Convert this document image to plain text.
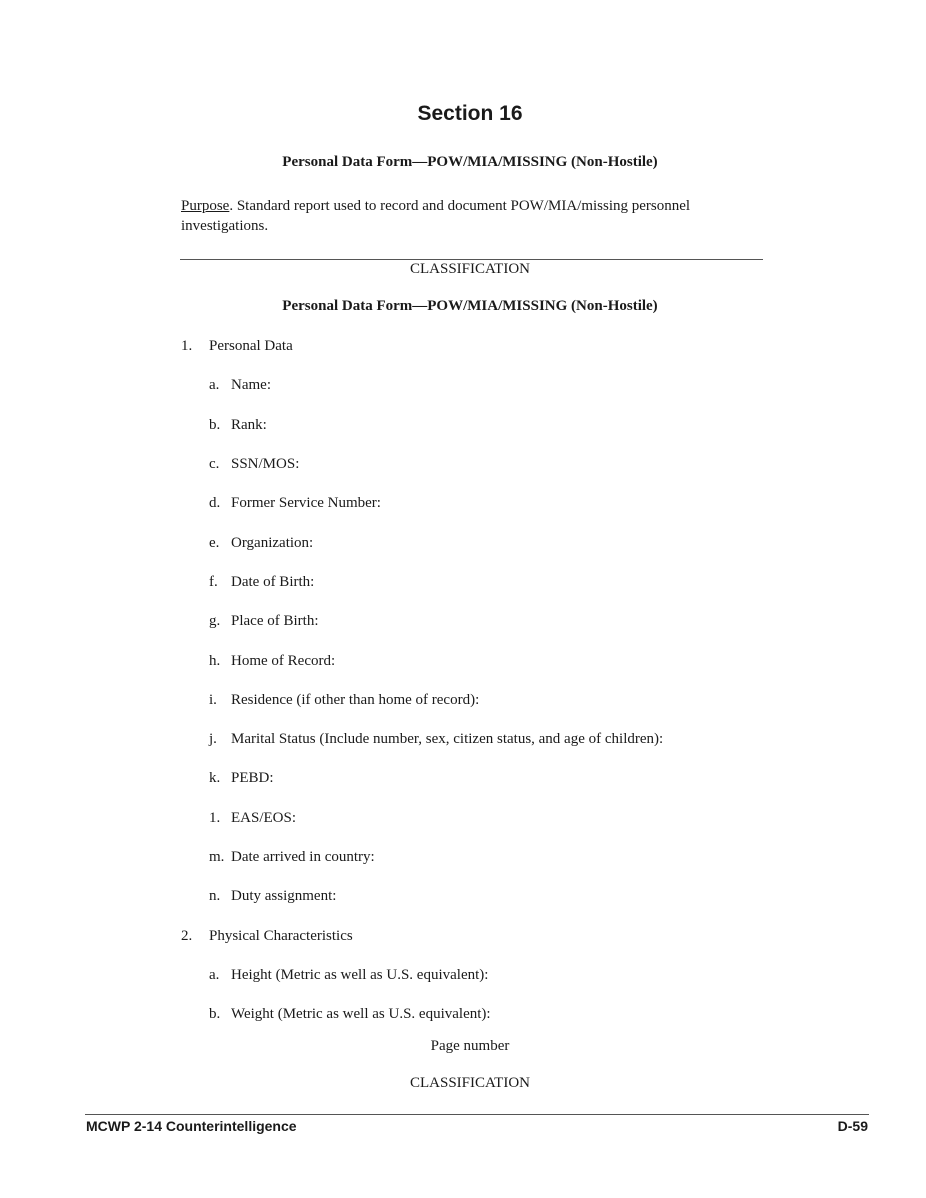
Section 16
Personal Data Form—POW/MIA/MISSING (Non-Hostile)
Purpose. Standard report used to record and document POW/MIA/missing personnel investigations.
CLASSIFICATION
Personal Data Form—POW/MIA/MISSING (Non-Hostile)
1. Personal Data
a. Name:
b. Rank:
c. SSN/MOS:
d. Former Service Number:
e. Organization:
f. Date of Birth:
g. Place of Birth:
h. Home of Record:
i. Residence (if other than home of record):
j. Marital Status (Include number, sex, citizen status, and age of children):
k. PEBD:
1. EAS/EOS:
m. Date arrived in country:
n. Duty assignment:
2. Physical Characteristics
a. Height (Metric as well as U.S. equivalent):
b. Weight (Metric as well as U.S. equivalent):
Page number
CLASSIFICATION
MCWP 2-14 Counterintelligence	D-59
